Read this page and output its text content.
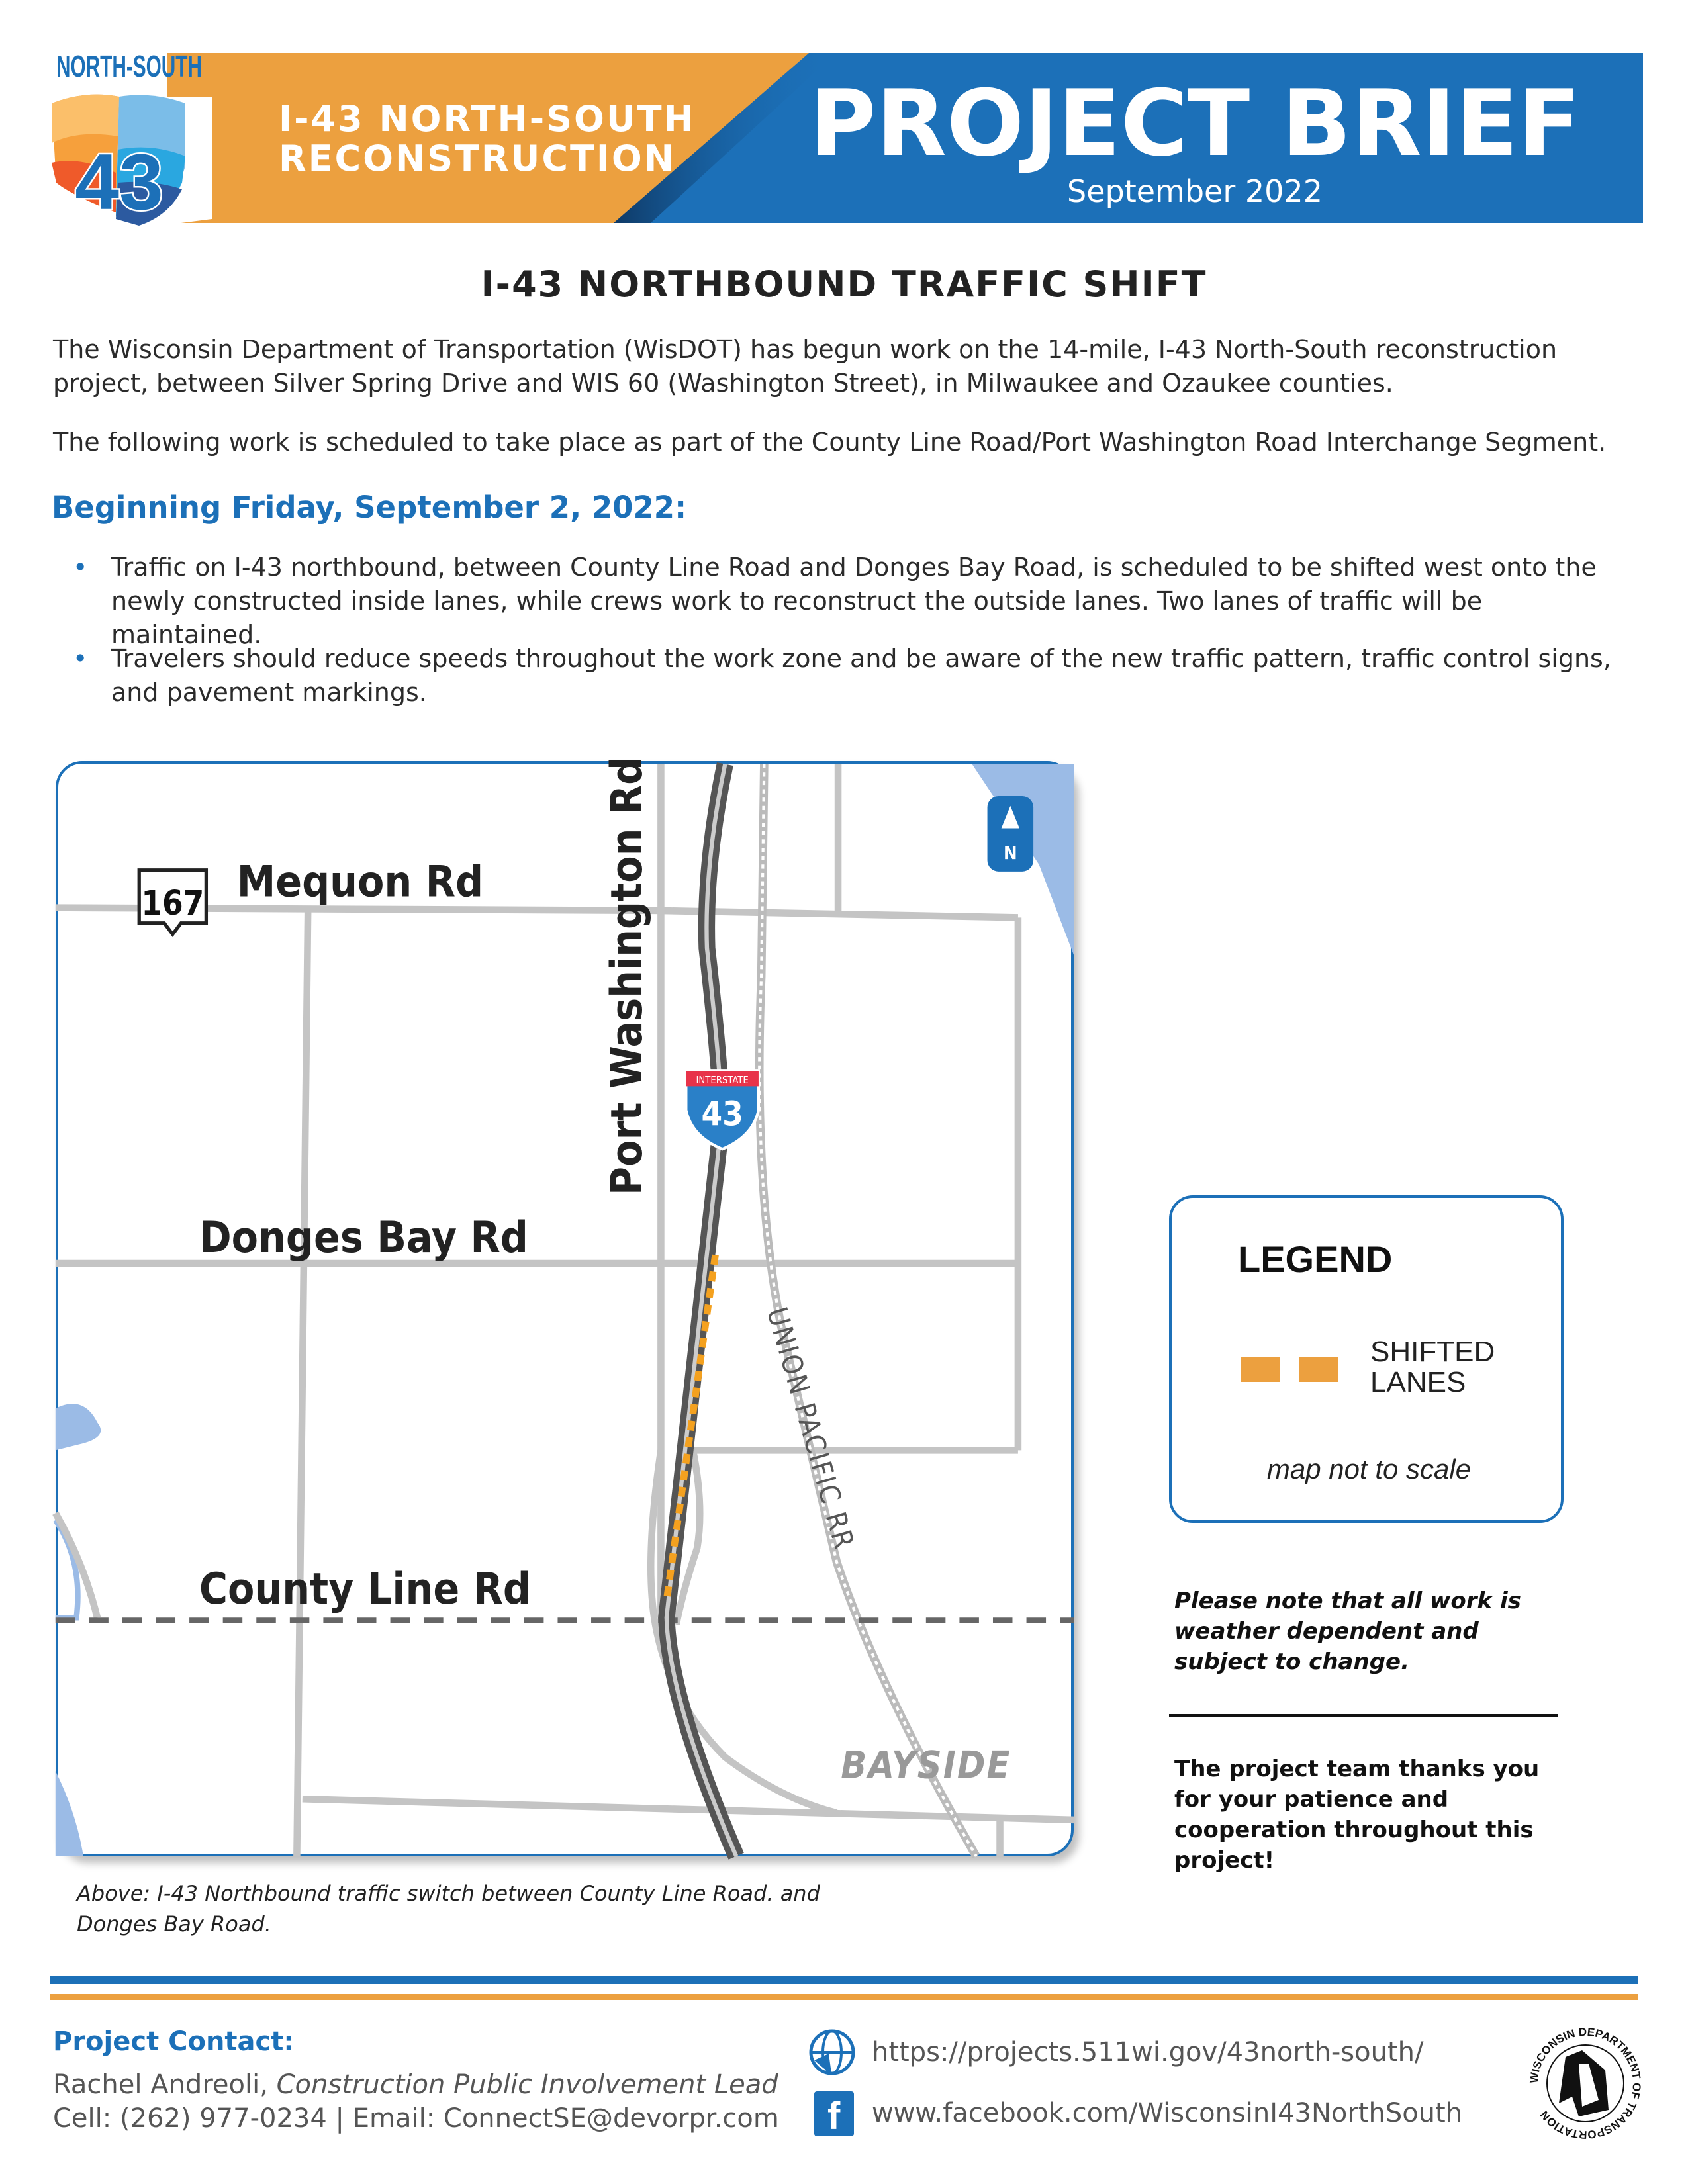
I-43 NORTH-SOUTH
RECONSTRUCTION PROJECT BRIEF
September 2022
NORTH-SOUTH
43
I-43 NORTHBOUND TRAFFIC SHIFT
The Wisconsin Department of Transportation (WisDOT) has begun work on the 14-mile, I-43 North-South reconstruction project, between Silver Spring Drive and WIS 60 (Washington Street), in Milwaukee and Ozaukee counties.
The following work is scheduled to take place as part of the County Line Road/Port Washington Road Interchange Segment.
Beginning Friday, September 2, 2022:
• Traffic on I-43 northbound, between County Line Road and Donges Bay Road, is scheduled to be shifted west onto the newly constructed inside lanes, while crews work to reconstruct the outside lanes. Two lanes of traffic will be maintained.
• Travelers should reduce speeds throughout the work zone and be aware of the new traffic pattern, traffic control signs, and pavement markings.
167 Mequon Rd
Donges Bay Rd
County Line Rd
Port Washington Rd
UNION PACIFIC RR
BAYSIDE
INTERSTATE
43
N
Above: I-43 Northbound traffic switch between County Line Road. and Donges Bay Road.
LEGEND
SHIFTED
LANES
map not to scale
Please note that all work is weather dependent and subject to change.
The project team thanks you for your patience and cooperation throughout this project!
Project Contact:
Rachel Andreoli, Construction Public Involvement Lead
Cell: (262) 977-0234 | Email: ConnectSE@devorpr.com
https://projects.511wi.gov/43north-south/
f www.facebook.com/WisconsinI43NorthSouth
WISCONSIN DEPARTMENT OF TRANSPORTATION
